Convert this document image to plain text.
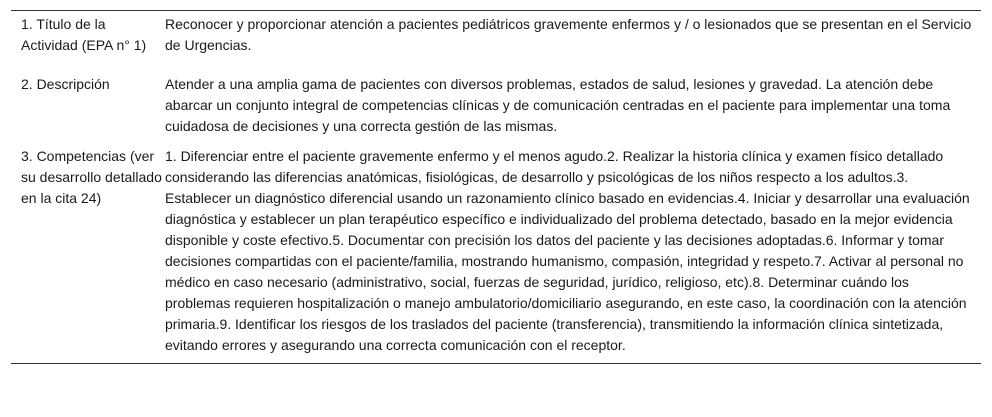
1. Título de la Actividad (EPA n° 1)	Reconocer y proporcionar atención a pacientes pediátricos gravemente enfermos y / o lesionados que se presentan en el Servicio de Urgencias.
2. Descripción	Atender a una amplia gama de pacientes con diversos problemas, estados de salud, lesiones y gravedad. La atención debe abarcar un conjunto integral de competencias clínicas y de comunicación centradas en el paciente para implementar una toma cuidadosa de decisiones y una correcta gestión de las mismas.
3. Competencias (ver su desarrollo detallado en la cita 24)	1. Diferenciar entre el paciente gravemente enfermo y el menos agudo.2. Realizar la historia clínica y examen físico detallado considerando las diferencias anatómicas, fisiológicas, de desarrollo y psicológicas de los niños respecto a los adultos.3. Establecer un diagnóstico diferencial usando un razonamiento clínico basado en evidencias.4. Iniciar y desarrollar una evaluación diagnóstica y establecer un plan terapéutico específico e individualizado del problema detectado, basado en la mejor evidencia disponible y coste efectivo.5. Documentar con precisión los datos del paciente y las decisiones adoptadas.6. Informar y tomar decisiones compartidas con el paciente/familia, mostrando humanismo, compasión, integridad y respeto.7. Activar al personal no médico en caso necesario (administrativo, social, fuerzas de seguridad, jurídico, religioso, etc).8. Determinar cuándo los problemas requieren hospitalización o manejo ambulatorio/domiciliario asegurando, en este caso, la coordinación con la atención primaria.9. Identificar los riesgos de los traslados del paciente (transferencia), transmitiendo la información clínica sintetizada, evitando errores y asegurando una correcta comunicación con el receptor.
